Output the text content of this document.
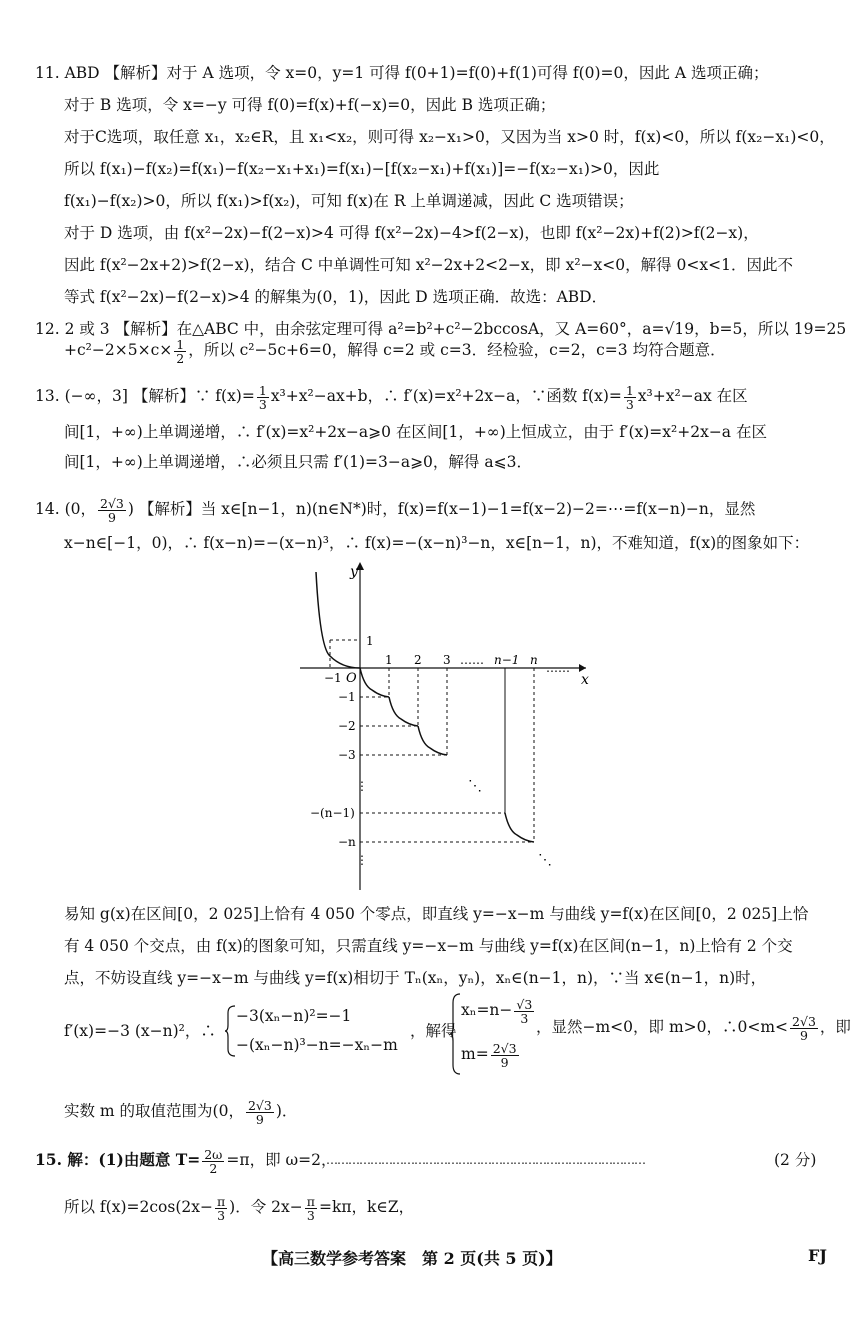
11. ABD 【解析】对于 A 选项，令 x=0，y=1 可得 f(0+1)=f(0)+f(1)可得 f(0)=0，因此 A 选项正确；
对于 B 选项，令 x=−y 可得 f(0)=f(x)+f(−x)=0，因此 B 选项正确；
对于C选项，取任意 x₁，x₂∈R，且 x₁<x₂，则可得 x₂−x₁>0，又因为当 x>0 时，f(x)<0，所以 f(x₂−x₁)<0，
所以 f(x₁)−f(x₂)=f(x₁)−f(x₂−x₁+x₁)=f(x₁)−[f(x₂−x₁)+f(x₁)]=−f(x₂−x₁)>0，因此
f(x₁)−f(x₂)>0，所以 f(x₁)>f(x₂)，可知 f(x)在 R 上单调递减，因此 C 选项错误；
对于 D 选项，由 f(x²−2x)−f(2−x)>4 可得 f(x²−2x)−4>f(2−x)，也即 f(x²−2x)+f(2)>f(2−x)，
因此 f(x²−2x+2)>f(2−x)，结合 C 中单调性可知 x²−2x+2<2−x，即 x²−x<0，解得 0<x<1．因此不
等式 f(x²−2x)−f(2−x)>4 的解集为(0，1)，因此 D 选项正确．故选：ABD．
12. 2 或 3 【解析】在△ABC 中，由余弦定理可得 a²=b²+c²−2bccosA，又 A=60°，a=√19，b=5，所以 19=25
$+c^2-2\times 5\times c\times \frac{1}{2}$ ，所以 c²−5c+6=0，解得 c=2 或 c=3．经检验，c=2，c=3 均符合题意．
13. (−∞，3] 【解析】∵ $f(x)= \frac{1}{3} x^3+x^2-ax+b$，∴ f′(x)=x²+2x−a，∵函数 $f(x)= \frac{1}{3} x^3+x^2-ax$ 在区
间[1，+∞)上单调递增，∴ f′(x)=x²+2x−a⩾0 在区间[1，+∞)上恒成立，由于 f′(x)=x²+2x−a 在区
间[1，+∞)上单调递增，∴必须且只需 f′(1)=3−a⩾0，解得 a⩽3．
14. (0， $\frac{2√3}{9}$ ) 【解析】当 x∈[n−1，n)(n∈N*)时，f(x)=f(x−1)−1=f(x−2)−2=⋯=f(x−n)−n，显然
x−n∈[−1，0)，∴ f(x−n)=−(x−n)³，∴ f(x)=−(x−n)³−n，x∈[n−1，n)，不难知道，f(x)的图象如下：
y
x
O
−1
1 2 3 …… n−1 n
……
1
−1
−2
−3
−(n−1)
−n
⋮
⋮
⋱
⋱
易知 g(x)在区间[0，2 025]上恰有 4 050 个零点，即直线 y=−x−m 与曲线 y=f(x)在区间[0，2 025]上恰
有 4 050 个交点，由 f(x)的图象可知，只需直线 y=−x−m 与曲线 y=f(x)在区间(n−1，n)上恰有 2 个交
点，不妨设直线 y=−x−m 与曲线 y=f(x)相切于 Tₙ(xₙ，yₙ)，xₙ∈(n−1，n)，∵当 x∈(n−1，n)时，
f′(x)=−3 (x−n)²，∴
−3(xₙ−n)²=−1
−(xₙ−n)³−n=−xₙ−m
，解得
$x_n=n- \frac{√3}{3}$
$m= \frac{2√3}{9}$
，显然−m<0，即 m>0，∴0<m< $\frac{2√3}{9}$ ，即
实数 m 的取值范围为(0， $\frac{2√3}{9}$ )．
15. 解：(1)由题意 $T= \frac{2\omega}{2} =\pi$，即 ω=2，
……………………………………………………………………………	(2 分)
所以 $f(x)=2\cos(2x- \frac{\pi}{3}$ )．令 $2x- \frac{\pi}{3} =k\pi$，k∈Z，
【高三数学参考答案　第 2 页(共 5 页)】	FJ
